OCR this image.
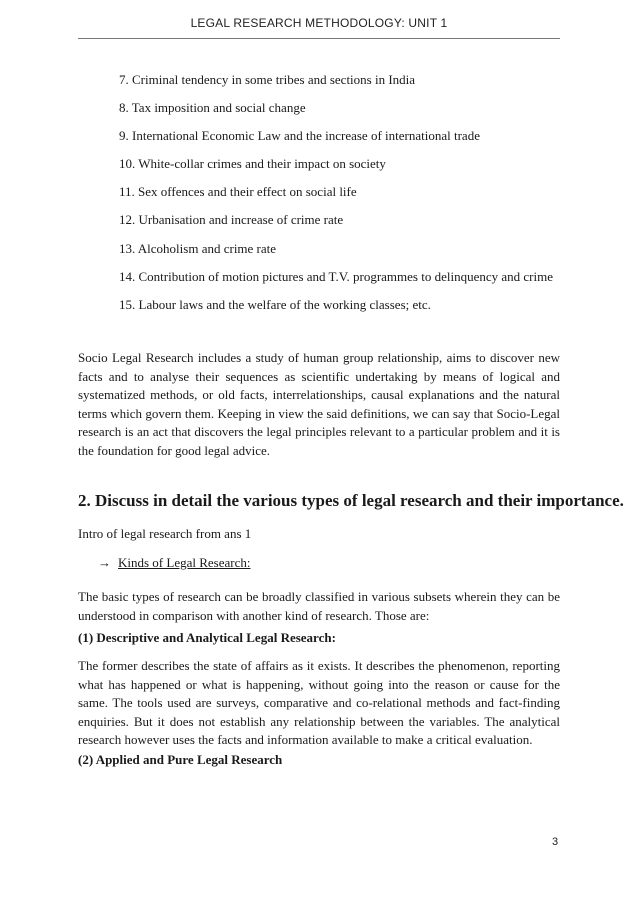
LEGAL RESEARCH METHODOLOGY: UNIT 1
7. Criminal tendency in some tribes and sections in India
8. Tax imposition and social change
9. International Economic Law and the increase of international trade
10. White-collar crimes and their impact on society
11. Sex offences and their effect on social life
12. Urbanisation and increase of crime rate
13. Alcoholism and crime rate
14. Contribution of motion pictures and T.V. programmes to delinquency and crime
15. Labour laws and the welfare of the working classes; etc.
Socio Legal Research includes a study of human group relationship, aims to discover new facts and to analyse their sequences as scientific undertaking by means of logical and systematized methods, or old facts, interrelationships, causal explanations and the natural terms which govern them. Keeping in view the said definitions, we can say that Socio-Legal research is an act that discovers the legal principles relevant to a particular problem and it is the foundation for good legal advice.
2. Discuss in detail the various types of legal research and their importance.
Intro of legal research from ans 1
→ Kinds of Legal Research:
The basic types of research can be broadly classified in various subsets wherein they can be understood in comparison with another kind of research. Those are:
(1) Descriptive and Analytical Legal Research:
The former describes the state of affairs as it exists. It describes the phenomenon, reporting what has happened or what is happening, without going into the reason or cause for the same. The tools used are surveys, comparative and co-relational methods and fact-finding enquiries. But it does not establish any relationship between the variables. The analytical research however uses the facts and information available to make a critical evaluation.
(2) Applied and Pure Legal Research
3
